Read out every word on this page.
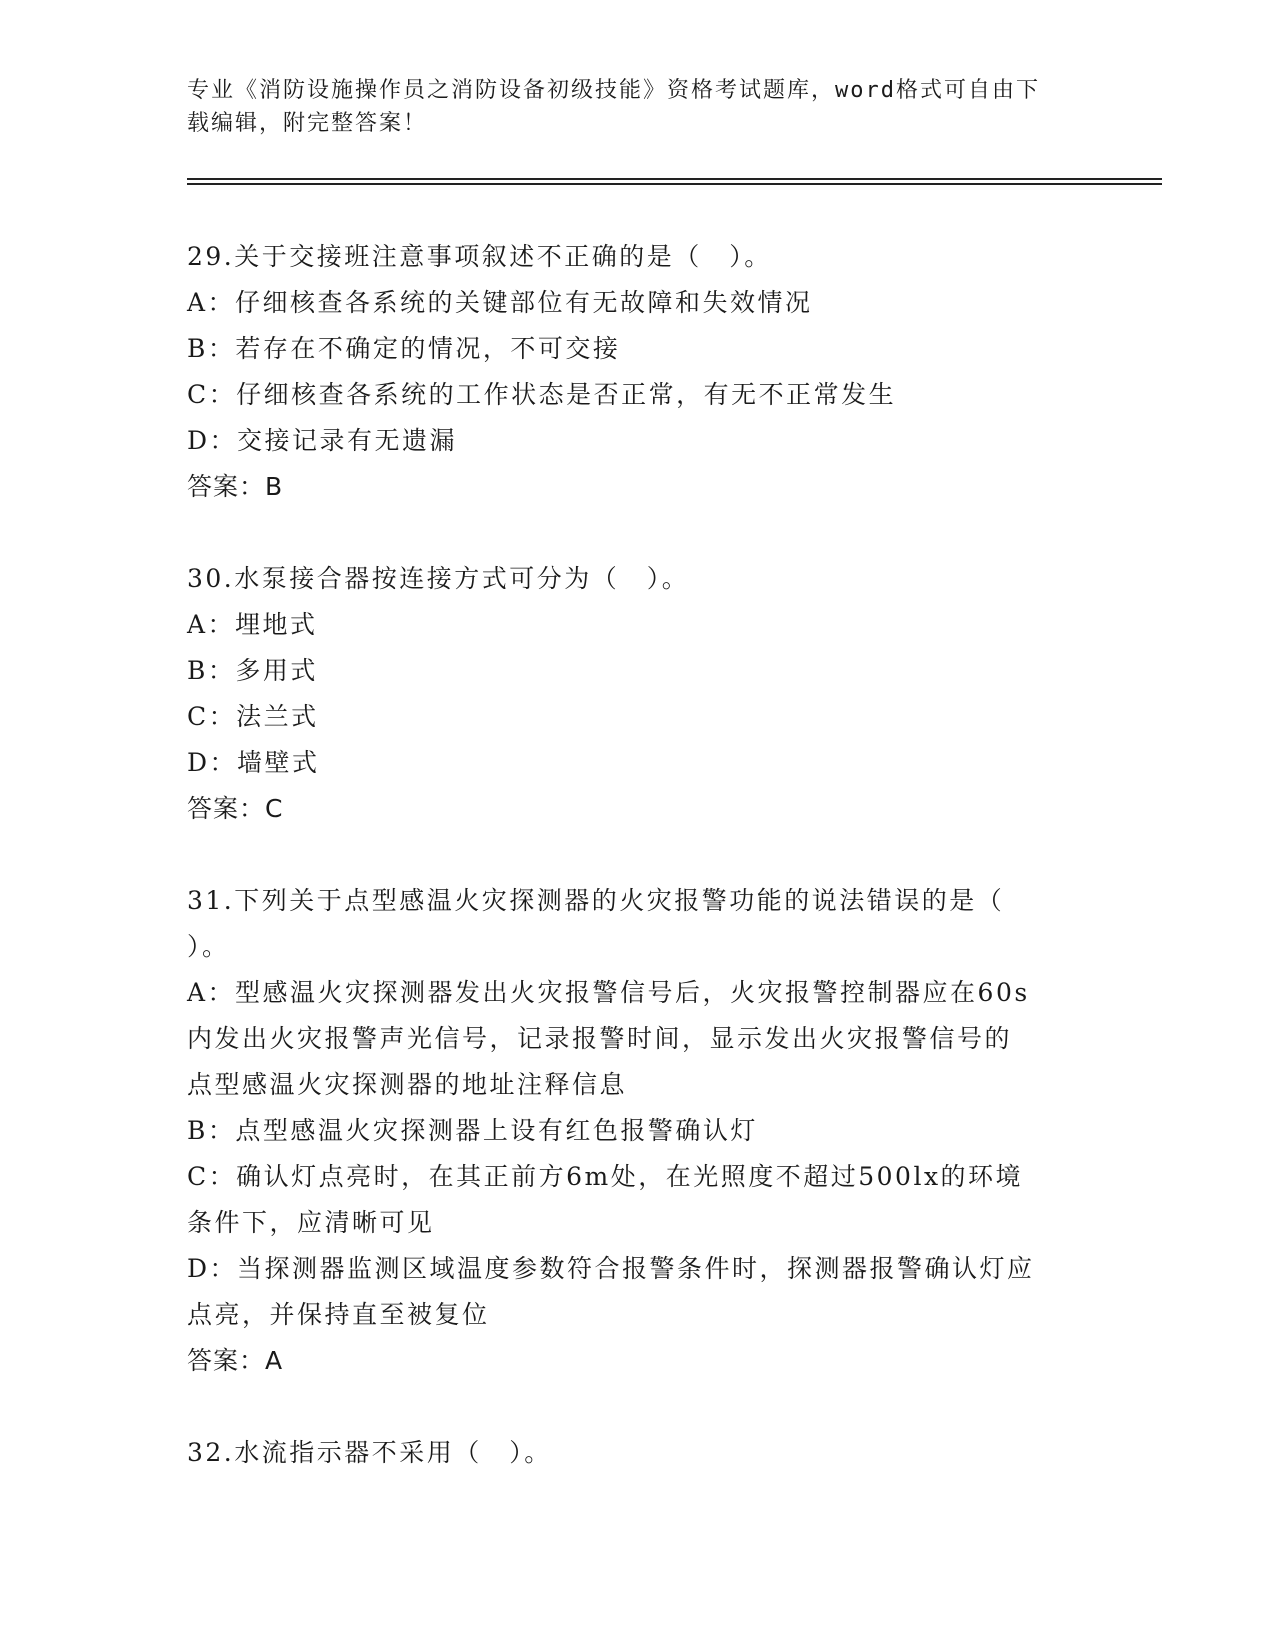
专业《消防设施操作员之消防设备初级技能》资格考试题库，word格式可自由下
载编辑，附完整答案！
29.关于交接班注意事项叙述不正确的是（　）。
A：仔细核查各系统的关键部位有无故障和失效情况
B：若存在不确定的情况，不可交接
C：仔细核查各系统的工作状态是否正常，有无不正常发生
D：交接记录有无遗漏
答案：B
30.水泵接合器按连接方式可分为（　）。
A：埋地式
B：多用式
C：法兰式
D：墙壁式
答案：C
31.下列关于点型感温火灾探测器的火灾报警功能的说法错误的是（
）。
A：型感温火灾探测器发出火灾报警信号后，火灾报警控制器应在60s
内发出火灾报警声光信号，记录报警时间，显示发出火灾报警信号的
点型感温火灾探测器的地址注释信息
B：点型感温火灾探测器上设有红色报警确认灯
C：确认灯点亮时，在其正前方6m处，在光照度不超过500lx的环境
条件下，应清晰可见
D：当探测器监测区域温度参数符合报警条件时，探测器报警确认灯应
点亮，并保持直至被复位
答案：A
32.水流指示器不采用（　）。
